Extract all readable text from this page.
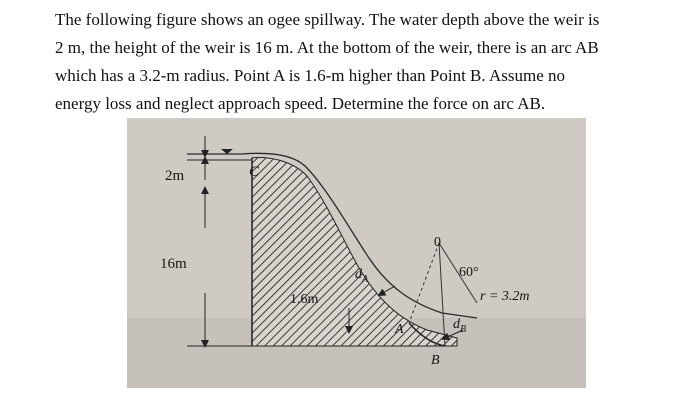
The following figure shows an ogee spillway. The water depth above the weir is
2 m, the height of the weir is 16 m. At the bottom of the weir, there is an arc AB
which has a 3.2-m radius. Point A is 1.6-m higher than Point B. Assume no
energy loss and neglect approach speed. Determine the force on arc AB.
2m
16m
C
1.6m
$d_A$
A
0
60°
r = 3.2m
$d_B$
B
